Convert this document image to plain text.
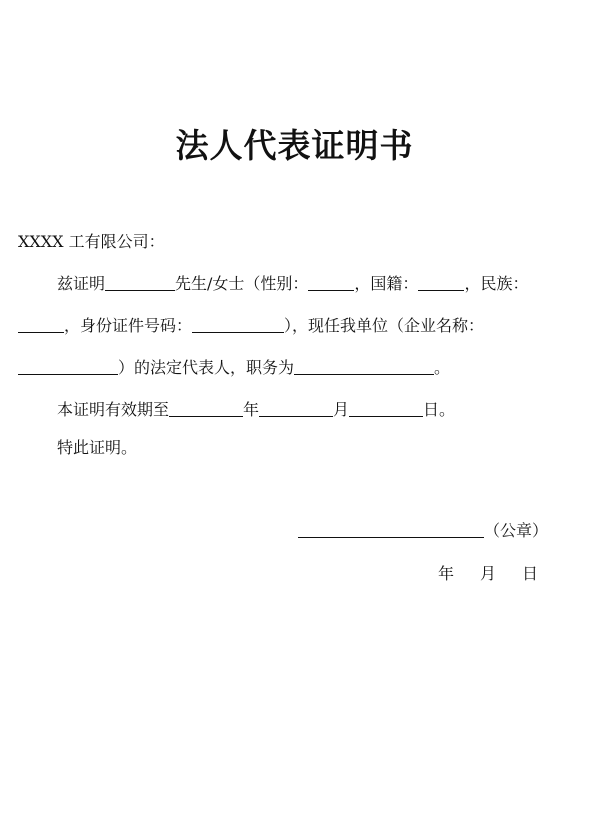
法人代表证明书
XXXX 工有限公司：
兹证明	先生/女士（性别：	，国籍：	，民族：
，身份证件号码：	），现任我单位（企业名称：
）的法定代表人，职务为	。
本证明有效期至	年	月	日。
特此证明。
（公章）
年 月 日
